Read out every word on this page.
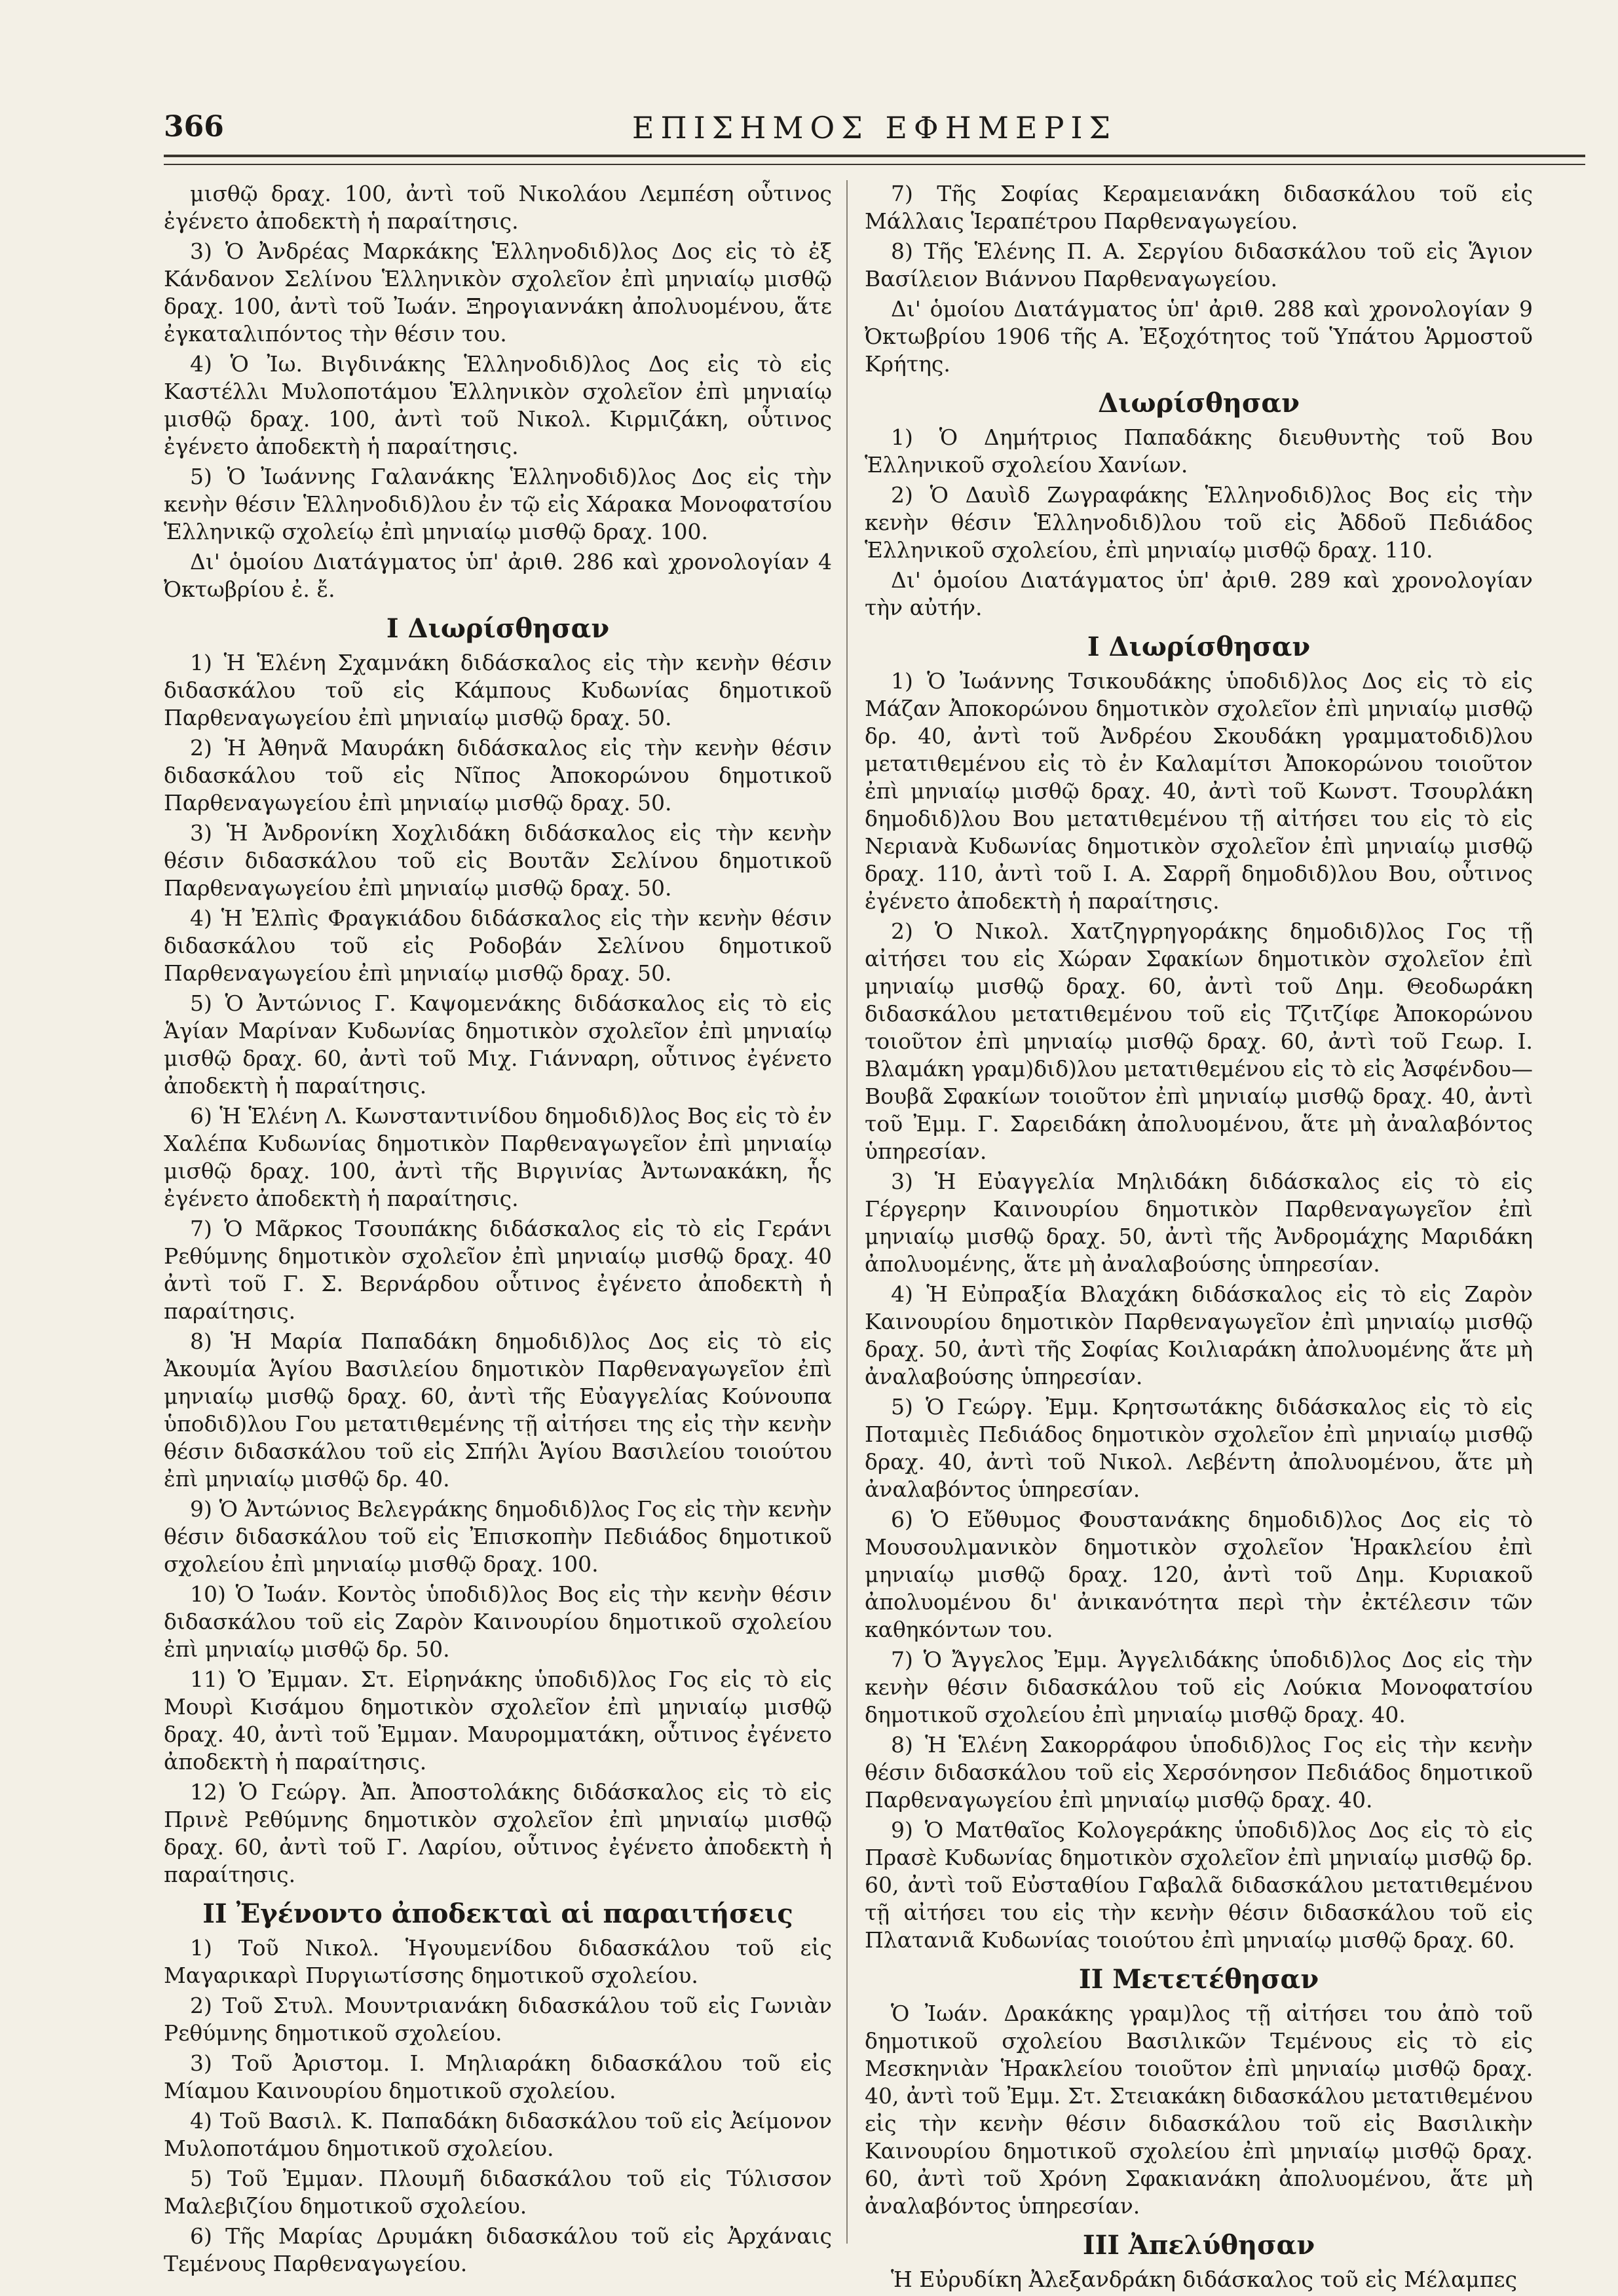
ΕΠΙΣΗΜΟΣ ΕΦΗΜΕΡΙΣ
366

μισθῷ δραχ. 100, ἀντὶ τοῦ Νικολάου Λεμπέση οὗτινος ἐγένετο ἀποδεκτὴ ἡ παραίτησις.

3) Ὁ Ἀνδρέας Μαρκάκης Ἑλληνοδιδ)λος Δος εἰς τὸ ἐξ Κάνδανον Σελίνου Ἑλληνικὸν σχολεῖον ἐπὶ μηνιαίῳ μισθῷ δραχ. 100, ἀντὶ τοῦ Ἰωάν. Ξηρογιαννάκη ἀπολυομένου, ἅτε ἐγκαταλιπόντος τὴν θέσιν του.

4) Ὁ Ἰω. Βιγδινάκης Ἑλληνοδιδ)λος Δος εἰς τὸ εἰς Καστέλλι Μυλοποτάμου Ἑλληνικὸν σχολεῖον ἐπὶ μηνιαίῳ μισθῷ δραχ. 100, ἀντὶ τοῦ Νικολ. Κιρμιζάκη, οὗτινος ἐγένετο ἀποδεκτὴ ἡ παραίτησις.

5) Ὁ Ἰωάννης Γαλανάκης Ἑλληνοδιδ)λος Δος εἰς τὴν κενὴν θέσιν Ἑλληνοδιδ)λου ἐν τῷ εἰς Χάρακα Μονοφατσίου Ἑλληνικῷ σχολείῳ ἐπὶ μηνιαίῳ μισθῷ δραχ. 100.

Δι' ὁμοίου Διατάγματος ὑπ' ἀριθ. 286 καὶ χρονολογίαν 4 Ὀκτωβρίου ἐ. ἔ.

Ι Διωρίσθησαν

1) Ἡ Ἑλένη Σχαμνάκη διδάσκαλος εἰς τὴν κενὴν θέσιν διδασκάλου τοῦ εἰς Κάμπους Κυδωνίας δημοτικοῦ Παρθεναγωγείου ἐπὶ μηνιαίῳ μισθῷ δραχ. 50.

2) Ἡ Ἀθηνᾶ Μαυράκη διδάσκαλος εἰς τὴν κενὴν θέσιν διδασκάλου τοῦ εἰς Νῖπος Ἀποκορώνου δημοτικοῦ Παρθεναγωγείου ἐπὶ μηνιαίῳ μισθῷ δραχ. 50.

3) Ἡ Ἀνδρονίκη Χοχλιδάκη διδάσκαλος εἰς τὴν κενὴν θέσιν διδασκάλου τοῦ εἰς Βουτᾶν Σελίνου δημοτικοῦ Παρθεναγωγείου ἐπὶ μηνιαίῳ μισθῷ δραχ. 50.

4) Ἡ Ἐλπὶς Φραγκιάδου διδάσκαλος εἰς τὴν κενὴν θέσιν διδασκάλου τοῦ εἰς Ροδοβάν Σελίνου δημοτικοῦ Παρθεναγωγείου ἐπὶ μηνιαίῳ μισθῷ δραχ. 50.

5) Ὁ Ἀντώνιος Γ. Καψομενάκης διδάσκαλος εἰς τὸ εἰς Ἁγίαν Μαρίναν Κυδωνίας δημοτικὸν σχολεῖον ἐπὶ μηνιαίῳ μισθῷ δραχ. 60, ἀντὶ τοῦ Μιχ. Γιάνναρη, οὗτινος ἐγένετο ἀποδεκτὴ ἡ παραίτησις.

6) Ἡ Ἑλένη Λ. Κωνσταντινίδου δημοδιδ)λος Βος εἰς τὸ ἐν Χαλέπα Κυδωνίας δημοτικὸν Παρθεναγωγεῖον ἐπὶ μηνιαίῳ μισθῷ δραχ. 100, ἀντὶ τῆς Βιργινίας Ἀντωνακάκη, ἧς ἐγένετο ἀποδεκτὴ ἡ παραίτησις.

7) Ὁ Μᾶρκος Τσουπάκης διδάσκαλος εἰς τὸ εἰς Γεράνι Ρεθύμνης δημοτικὸν σχολεῖον ἐπὶ μηνιαίῳ μισθῷ δραχ. 40 ἀντὶ τοῦ Γ. Σ. Βερνάρδου οὗτινος ἐγένετο ἀποδεκτὴ ἡ παραίτησις.

8) Ἡ Μαρία Παπαδάκη δημοδιδ)λος Δος εἰς τὸ εἰς Ἀκουμία Ἁγίου Βασιλείου δημοτικὸν Παρθεναγωγεῖον ἐπὶ μηνιαίῳ μισθῷ δραχ. 60, ἀντὶ τῆς Εὐαγγελίας Κούνουπα ὑποδιδ)λου Γου μετατιθεμένης τῇ αἰτήσει της εἰς τὴν κενὴν θέσιν διδασκάλου τοῦ εἰς Σπήλι Ἁγίου Βασιλείου τοιούτου ἐπὶ μηνιαίῳ μισθῷ δρ. 40.

9) Ὁ Ἀντώνιος Βελεγράκης δημοδιδ)λος Γος εἰς τὴν κενὴν θέσιν διδασκάλου τοῦ εἰς Ἐπισκοπὴν Πεδιάδος δημοτικοῦ σχολείου ἐπὶ μηνιαίῳ μισθῷ δραχ. 100.

10) Ὁ Ἰωάν. Κοντὸς ὑποδιδ)λος Βος εἰς τὴν κενὴν θέσιν διδασκάλου τοῦ εἰς Ζαρὸν Καινουρίου δημοτικοῦ σχολείου ἐπὶ μηνιαίῳ μισθῷ δρ. 50.

11) Ὁ Ἐμμαν. Στ. Εἰρηνάκης ὑποδιδ)λος Γος εἰς τὸ εἰς Μουρὶ Κισάμου δημοτικὸν σχολεῖον ἐπὶ μηνιαίῳ μισθῷ δραχ. 40, ἀντὶ τοῦ Ἐμμαν. Μαυρομματάκη, οὗτινος ἐγένετο ἀποδεκτὴ ἡ παραίτησις.

12) Ὁ Γεώργ. Ἀπ. Ἀποστολάκης διδάσκαλος εἰς τὸ εἰς Πρινὲ Ρεθύμνης δημοτικὸν σχολεῖον ἐπὶ μηνιαίῳ μισθῷ δραχ. 60, ἀντὶ τοῦ Γ. Λαρίου, οὗτινος ἐγένετο ἀποδεκτὴ ἡ παραίτησις.

ΙΙ Ἐγένοντο ἀποδεκταὶ αἱ παραιτήσεις

1) Τοῦ Νικολ. Ἡγουμενίδου διδασκάλου τοῦ εἰς Μαγαρικαρὶ Πυργιωτίσσης δημοτικοῦ σχολείου.

2) Τοῦ Στυλ. Μουντριανάκη διδασκάλου τοῦ εἰς Γωνιὰν Ρεθύμνης δημοτικοῦ σχολείου.

3) Τοῦ Ἀριστομ. Ι. Μηλιαράκη διδασκάλου τοῦ εἰς Μίαμου Καινουρίου δημοτικοῦ σχολείου.

4) Τοῦ Βασιλ. Κ. Παπαδάκη διδασκάλου τοῦ εἰς Ἀείμονον Μυλοποτάμου δημοτικοῦ σχολείου.

5) Τοῦ Ἐμμαν. Πλουμῆ διδασκάλου τοῦ εἰς Τύλισσον Μαλεβιζίου δημοτικοῦ σχολείου.

6) Τῆς Μαρίας Δρυμάκη διδασκάλου τοῦ εἰς Ἀρχάναις Τεμένους Παρθεναγωγείου.

7) Τῆς Σοφίας Κεραμειανάκη διδασκάλου τοῦ εἰς Μάλλαις Ἱεραπέτρου Παρθεναγωγείου.

8) Τῆς Ἑλένης Π. Α. Σεργίου διδασκάλου τοῦ εἰς Ἅγιον Βασίλειον Βιάννου Παρθεναγωγείου.

Δι' ὁμοίου Διατάγματος ὑπ' ἀριθ. 288 καὶ χρονολογίαν 9 Ὀκτωβρίου 1906 τῆς Α. Ἐξοχότητος τοῦ Ὑπάτου Ἁρμοστοῦ Κρήτης.

Διωρίσθησαν

1) Ὁ Δημήτριος Παπαδάκης διευθυντὴς τοῦ Βου Ἑλληνικοῦ σχολείου Χανίων.

2) Ὁ Δαυὶδ Ζωγραφάκης Ἑλληνοδιδ)λος Βος εἰς τὴν κενὴν θέσιν Ἑλληνοδιδ)λου τοῦ εἰς Ἀδδοῦ Πεδιάδος Ἑλληνικοῦ σχολείου, ἐπὶ μηνιαίῳ μισθῷ δραχ. 110.

Δι' ὁμοίου Διατάγματος ὑπ' ἀριθ. 289 καὶ χρονολογίαν τὴν αὐτήν.

Ι Διωρίσθησαν

1) Ὁ Ἰωάννης Τσικουδάκης ὑποδιδ)λος Δος εἰς τὸ εἰς Μάζαν Ἀποκορώνου δημοτικὸν σχολεῖον ἐπὶ μηνιαίῳ μισθῷ δρ. 40, ἀντὶ τοῦ Ἀνδρέου Σκουδάκη γραμματοδιδ)λου μετατιθεμένου εἰς τὸ ἐν Καλαμίτσι Ἀποκορώνου τοιοῦτον ἐπὶ μηνιαίῳ μισθῷ δραχ. 40, ἀντὶ τοῦ Κωνστ. Τσουρλάκη δημοδιδ)λου Βου μετατιθεμένου τῇ αἰτήσει του εἰς τὸ εἰς Νεριανὰ Κυδωνίας δημοτικὸν σχολεῖον ἐπὶ μηνιαίῳ μισθῷ δραχ. 110, ἀντὶ τοῦ Ι. Α. Σαρρῆ δημοδιδ)λου Βου, οὗτινος ἐγένετο ἀποδεκτὴ ἡ παραίτησις.

2) Ὁ Νικολ. Χατζηγρηγοράκης δημοδιδ)λος Γος τῇ αἰτήσει του εἰς Χώραν Σφακίων δημοτικὸν σχολεῖον ἐπὶ μηνιαίῳ μισθῷ δραχ. 60, ἀντὶ τοῦ Δημ. Θεοδωράκη διδασκάλου μετατιθεμένου τοῦ εἰς Τζιτζίφε Ἀποκορώνου τοιοῦτον ἐπὶ μηνιαίῳ μισθῷ δραχ. 60, ἀντὶ τοῦ Γεωρ. Ι. Βλαμάκη γραμ)διδ)λου μετατιθεμένου εἰς τὸ εἰς Ἀσφένδου—Βουβᾶ Σφακίων τοιοῦτον ἐπὶ μηνιαίῳ μισθῷ δραχ. 40, ἀντὶ τοῦ Ἐμμ. Γ. Σαρειδάκη ἀπολυομένου, ἅτε μὴ ἀναλαβόντος ὑπηρεσίαν.

3) Ἡ Εὐαγγελία Μηλιδάκη διδάσκαλος εἰς τὸ εἰς Γέργερην Καινουρίου δημοτικὸν Παρθεναγωγεῖον ἐπὶ μηνιαίῳ μισθῷ δραχ. 50, ἀντὶ τῆς Ἀνδρομάχης Μαριδάκη ἀπολυομένης, ἅτε μὴ ἀναλαβούσης ὑπηρεσίαν.

4) Ἡ Εὐπραξία Βλαχάκη διδάσκαλος εἰς τὸ εἰς Ζαρὸν Καινουρίου δημοτικὸν Παρθεναγωγεῖον ἐπὶ μηνιαίῳ μισθῷ δραχ. 50, ἀντὶ τῆς Σοφίας Κοιλιαράκη ἀπολυομένης ἅτε μὴ ἀναλαβούσης ὑπηρεσίαν.

5) Ὁ Γεώργ. Ἐμμ. Κρητσωτάκης διδάσκαλος εἰς τὸ εἰς Ποταμιὲς Πεδιάδος δημοτικὸν σχολεῖον ἐπὶ μηνιαίῳ μισθῷ δραχ. 40, ἀντὶ τοῦ Νικολ. Λεβέντη ἀπολυομένου, ἅτε μὴ ἀναλαβόντος ὑπηρεσίαν.

6) Ὁ Εὔθυμος Φουστανάκης δημοδιδ)λος Δος εἰς τὸ Μουσουλμανικὸν δημοτικὸν σχολεῖον Ἡρακλείου ἐπὶ μηνιαίῳ μισθῷ δραχ. 120, ἀντὶ τοῦ Δημ. Κυριακοῦ ἀπολυομένου δι' ἀνικανότητα περὶ τὴν ἐκτέλεσιν τῶν καθηκόντων του.

7) Ὁ Ἄγγελος Ἐμμ. Ἀγγελιδάκης ὑποδιδ)λος Δος εἰς τὴν κενὴν θέσιν διδασκάλου τοῦ εἰς Λούκια Μονοφατσίου δημοτικοῦ σχολείου ἐπὶ μηνιαίῳ μισθῷ δραχ. 40.

8) Ἡ Ἑλένη Σακορράφου ὑποδιδ)λος Γος εἰς τὴν κενὴν θέσιν διδασκάλου τοῦ εἰς Χερσόνησον Πεδιάδος δημοτικοῦ Παρθεναγωγείου ἐπὶ μηνιαίῳ μισθῷ δραχ. 40.

9) Ὁ Ματθαῖος Κολογεράκης ὑποδιδ)λος Δος εἰς τὸ εἰς Πρασὲ Κυδωνίας δημοτικὸν σχολεῖον ἐπὶ μηνιαίῳ μισθῷ δρ. 60, ἀντὶ τοῦ Εὐσταθίου Γαβαλᾶ διδασκάλου μετατιθεμένου τῇ αἰτήσει του εἰς τὴν κενὴν θέσιν διδασκάλου τοῦ εἰς Πλατανιᾶ Κυδωνίας τοιούτου ἐπὶ μηνιαίῳ μισθῷ δραχ. 60.

ΙΙ Μετετέθησαν

Ὁ Ἰωάν. Δρακάκης γραμ)λος τῇ αἰτήσει του ἀπὸ τοῦ δημοτικοῦ σχολείου Βασιλικῶν Τεμένους εἰς τὸ εἰς Μεσκηνιὰν Ἡρακλείου τοιοῦτον ἐπὶ μηνιαίῳ μισθῷ δραχ. 40, ἀντὶ τοῦ Ἐμμ. Στ. Στειακάκη διδασκάλου μετατιθεμένου εἰς τὴν κενὴν θέσιν διδασκάλου τοῦ εἰς Βασιλικὴν Καινουρίου δημοτικοῦ σχολείου ἐπὶ μηνιαίῳ μισθῷ δραχ. 60, ἀντὶ τοῦ Χρόνη Σφακιανάκη ἀπολυομένου, ἅτε μὴ ἀναλαβόντος ὑπηρεσίαν.

ΙΙΙ Ἀπελύθησαν

Ἡ Εὐρυδίκη Ἀλεξανδράκη διδάσκαλος τοῦ εἰς Μέλαμπες
